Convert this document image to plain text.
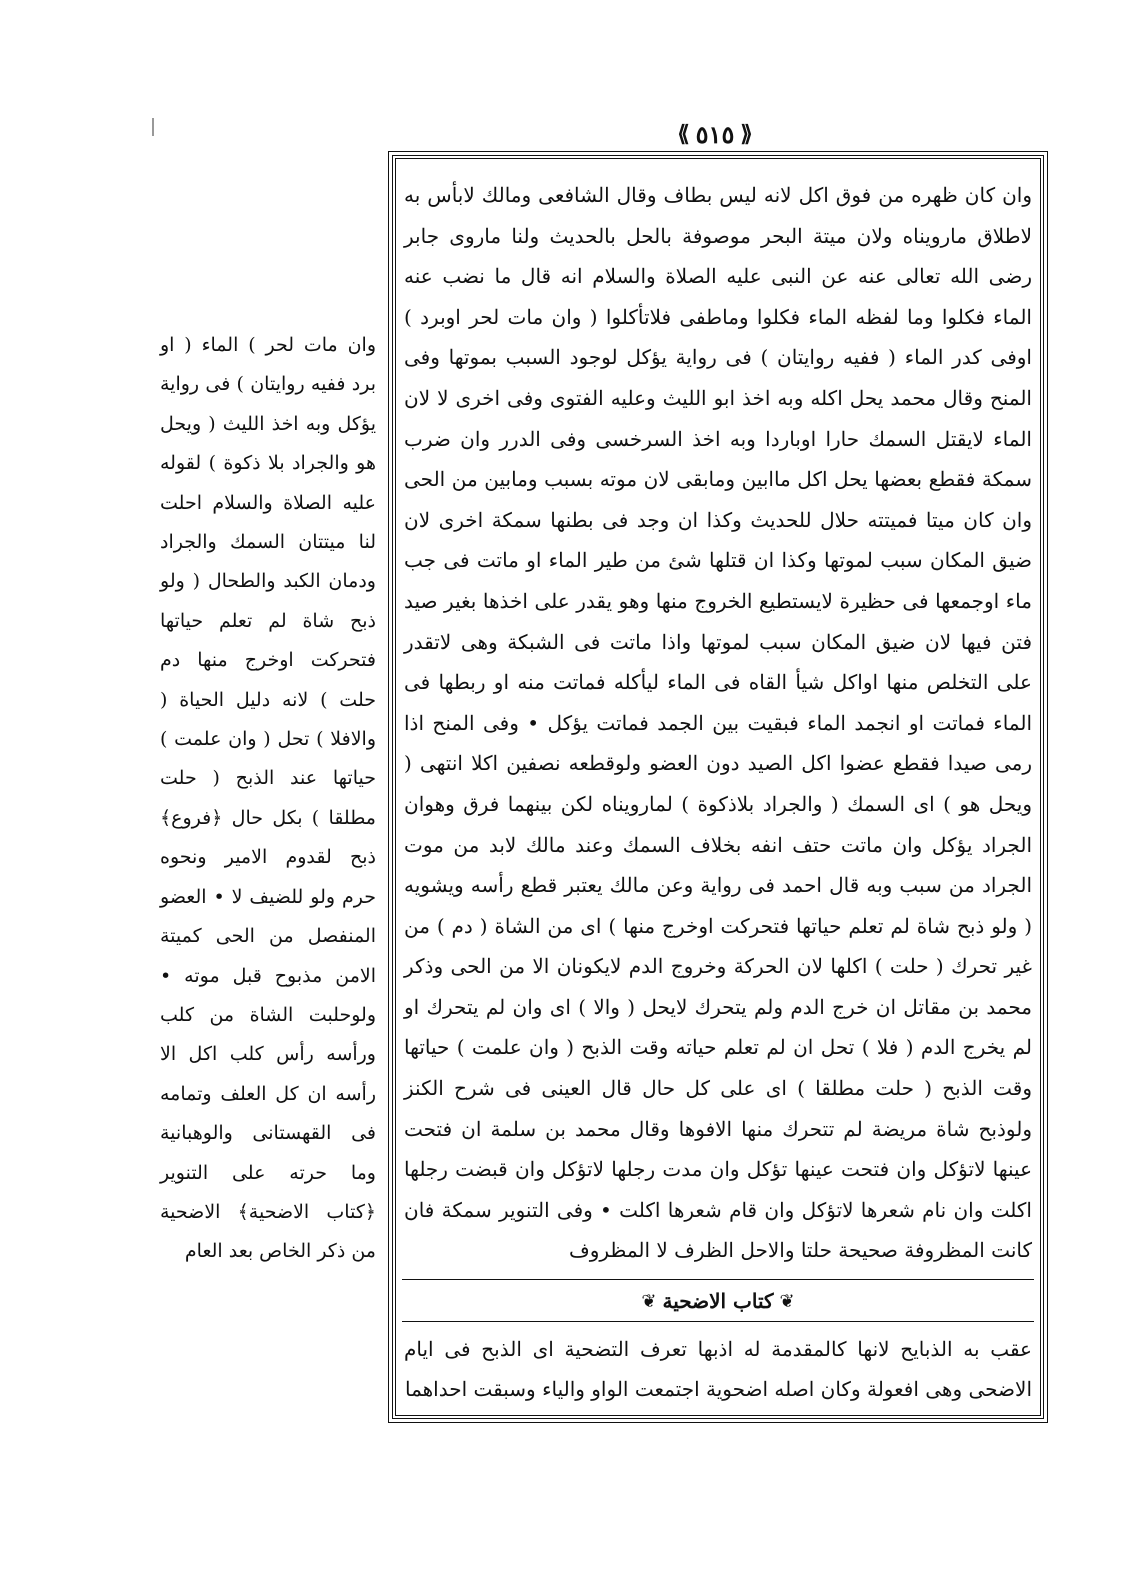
⟪ ٥١٥ ⟫

وان كان ظهره من فوق اكل لانه ليس بطاف وقال الشافعى ومالك لابأس به لاطلاق مارويناه ولان ميتة البحر موصوفة بالحل بالحديث ولنا ماروى جابر رضى الله تعالى عنه عن النبى عليه الصلاة والسلام انه قال ما نضب عنه الماء فكلوا وما لفظه الماء فكلوا وماطفى فلاتأكلوا ( وان مات لحر اوبرد ) اوفى كدر الماء ( ففيه روايتان ) فى رواية يؤكل لوجود السبب بموتها وفى المنح وقال محمد يحل اكله وبه اخذ ابو الليث وعليه الفتوى وفى اخرى لا لان الماء لايقتل السمك حارا اوباردا وبه اخذ السرخسى وفى الدرر وان ضرب سمكة فقطع بعضها يحل اكل ماابين ومابقى لان موته بسبب ومابين من الحى وان كان ميتا فميتته حلال للحديث وكذا ان وجد فى بطنها سمكة اخرى لان ضيق المكان سبب لموتها وكذا ان قتلها شئ من طير الماء او ماتت فى جب ماء اوجمعها فى حظيرة لايستطيع الخروج منها وهو يقدر على اخذها بغير صيد فتن فيها لان ضيق المكان سبب لموتها واذا ماتت فى الشبكة وهى لاتقدر على التخلص منها اواكل شيأ القاه فى الماء ليأكله فماتت منه او ربطها فى الماء فماتت او انجمد الماء فبقيت بين الجمد فماتت يؤكل • وفى المنح اذا رمى صيدا فقطع عضوا اكل الصيد دون العضو ولوقطعه نصفين اكلا انتهى ( ويحل هو ) اى السمك ( والجراد بلاذكوة ) لمارويناه لكن بينهما فرق وهوان الجراد يؤكل وان ماتت حتف انفه بخلاف السمك وعند مالك لابد من موت الجراد من سبب وبه قال احمد فى رواية وعن مالك يعتبر قطع رأسه ويشويه ( ولو ذبح شاة لم تعلم حياتها فتحركت اوخرج منها ) اى من الشاة ( دم ) من غير تحرك ( حلت ) اكلها لان الحركة وخروج الدم لايكونان الا من الحى وذكر محمد بن مقاتل ان خرج الدم ولم يتحرك لايحل ( والا ) اى وان لم يتحرك او لم يخرج الدم ( فلا ) تحل ان لم تعلم حياته وقت الذبح ( وان علمت ) حياتها وقت الذبح ( حلت مطلقا ) اى على كل حال قال العينى فى شرح الكنز ولوذبح شاة مريضة لم تتحرك منها الافوها وقال محمد بن سلمة ان فتحت عينها لاتؤكل وان فتحت عينها تؤكل وان مدت رجلها لاتؤكل وان قبضت رجلها اكلت وان نام شعرها لاتؤكل وان قام شعرها اكلت • وفى التنوير سمكة فان كانت المظروفة صحيحة حلتا والاحل الظرف لا المظروف

❦
كتاب الاضحية
❦

عقب به الذبايح لانها كالمقدمة له اذبها تعرف التضحية اى الذبح فى ايام الاضحى وهى افعولة وكان اصله اضحوية اجتمعت الواو والياء وسبقت احداهما

وان مات لحر ) الماء ( او برد ففيه روايتان ) فى رواية يؤكل وبه اخذ الليث ( ويحل هو والجراد بلا ذكوة ) لقوله عليه الصلاة والسلام احلت لنا ميتتان السمك والجراد ودمان الكبد والطحال ( ولو ذبح شاة لم تعلم حياتها فتحركت اوخرج منها دم حلت ) لانه دليل الحياة ( والافلا ) تحل ( وان علمت ) حياتها عند الذبح ( حلت مطلقا ) بكل حال ﴿فروع﴾ ذبح لقدوم الامير ونحوه حرم ولو للضيف لا • العضو المنفصل من الحى كميتة الامن مذبوح قبل موته • ولوحلبت الشاة من كلب ورأسه رأس كلب اكل الا رأسه ان كل العلف وتمامه فى القهستانى والوهبانية وما حرته على التنوير ﴿كتاب الاضحية﴾ الاضحية من ذكر الخاص بعد العام
